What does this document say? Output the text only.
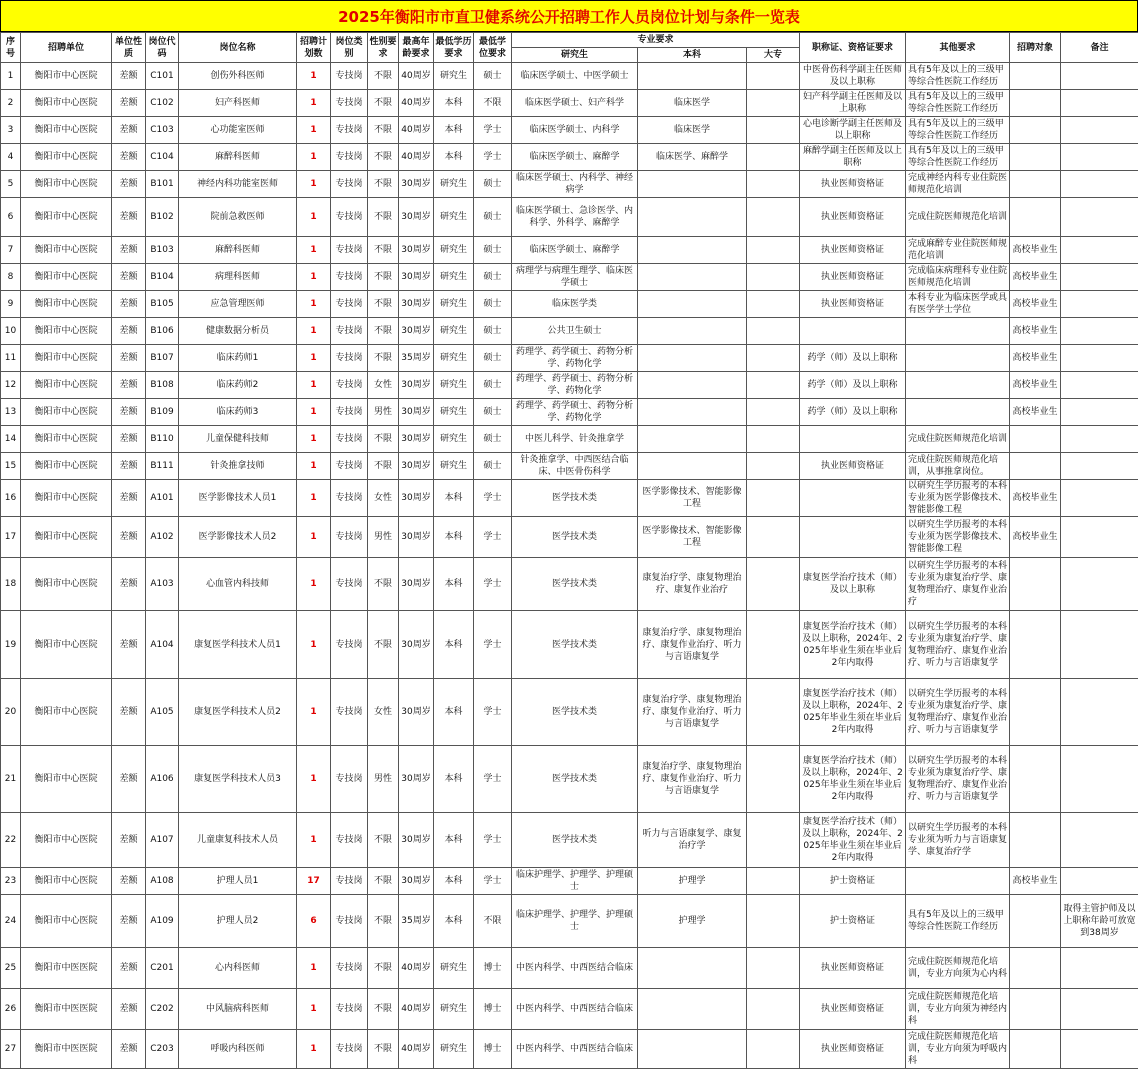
2025年衡阳市市直卫健系统公开招聘工作人员岗位计划与条件一览表
序号	招聘单位	单位性质	岗位代码	岗位名称	招聘计划数	岗位类别	性别要求	最高年龄要求	最低学历要求	最低学位要求	专业要求			职称证、资格证要求	其他要求	招聘对象	备注
											研究生	本科	大专				
1	衡阳市中心医院	差额	C101	创伤外科医师	1	专技岗	不限	40周岁	研究生	硕士	临床医学硕士、中医学硕士			中医骨伤科学副主任医师及以上职称	具有5年及以上的三级甲等综合性医院工作经历		
2	衡阳市中心医院	差额	C102	妇产科医师	1	专技岗	不限	40周岁	本科	不限	临床医学硕士、妇产科学	临床医学		妇产科学副主任医师及以上职称	具有5年及以上的三级甲等综合性医院工作经历		
3	衡阳市中心医院	差额	C103	心功能室医师	1	专技岗	不限	40周岁	本科	学士	临床医学硕士、内科学	临床医学		心电诊断学副主任医师及以上职称	具有5年及以上的三级甲等综合性医院工作经历		
4	衡阳市中心医院	差额	C104	麻醉科医师	1	专技岗	不限	40周岁	本科	学士	临床医学硕士、麻醉学	临床医学、麻醉学		麻醉学副主任医师及以上职称	具有5年及以上的三级甲等综合性医院工作经历		
5	衡阳市中心医院	差额	B101	神经内科功能室医师	1	专技岗	不限	30周岁	研究生	硕士	临床医学硕士、内科学、神经病学			执业医师资格证	完成神经内科专业住院医师规范化培训		
6	衡阳市中心医院	差额	B102	院前急救医师	1	专技岗	不限	30周岁	研究生	硕士	临床医学硕士、急诊医学、内科学、外科学、麻醉学			执业医师资格证	完成住院医师规范化培训		
7	衡阳市中心医院	差额	B103	麻醉科医师	1	专技岗	不限	30周岁	研究生	硕士	临床医学硕士、麻醉学			执业医师资格证	完成麻醉专业住院医师规范化培训	高校毕业生	
8	衡阳市中心医院	差额	B104	病理科医师	1	专技岗	不限	30周岁	研究生	硕士	病理学与病理生理学、临床医学硕士			执业医师资格证	完成临床病理科专业住院医师规范化培训	高校毕业生	
9	衡阳市中心医院	差额	B105	应急管理医师	1	专技岗	不限	30周岁	研究生	硕士	临床医学类			执业医师资格证	本科专业为临床医学或具有医学学士学位	高校毕业生	
10	衡阳市中心医院	差额	B106	健康数据分析员	1	专技岗	不限	30周岁	研究生	硕士	公共卫生硕士					高校毕业生	
11	衡阳市中心医院	差额	B107	临床药师1	1	专技岗	不限	35周岁	研究生	硕士	药理学、药学硕士、药物分析学、药物化学			药学（师）及以上职称		高校毕业生	
12	衡阳市中心医院	差额	B108	临床药师2	1	专技岗	女性	30周岁	研究生	硕士	药理学、药学硕士、药物分析学、药物化学			药学（师）及以上职称		高校毕业生	
13	衡阳市中心医院	差额	B109	临床药师3	1	专技岗	男性	30周岁	研究生	硕士	药理学、药学硕士、药物分析学、药物化学			药学（师）及以上职称		高校毕业生	
14	衡阳市中心医院	差额	B110	儿童保健科技师	1	专技岗	不限	30周岁	研究生	硕士	中医儿科学、针灸推拿学				完成住院医师规范化培训		
15	衡阳市中心医院	差额	B111	针灸推拿技师	1	专技岗	不限	30周岁	研究生	硕士	针灸推拿学、中西医结合临床、中医骨伤科学			执业医师资格证	完成住院医师规范化培训，从事推拿岗位。		
16	衡阳市中心医院	差额	A101	医学影像技术人员1	1	专技岗	女性	30周岁	本科	学士	医学技术类	医学影像技术、智能影像工程			以研究生学历报考的本科专业须为医学影像技术、智能影像工程	高校毕业生	
17	衡阳市中心医院	差额	A102	医学影像技术人员2	1	专技岗	男性	30周岁	本科	学士	医学技术类	医学影像技术、智能影像工程			以研究生学历报考的本科专业须为医学影像技术、智能影像工程	高校毕业生	
18	衡阳市中心医院	差额	A103	心血管内科技师	1	专技岗	不限	30周岁	本科	学士	医学技术类	康复治疗学、康复物理治疗、康复作业治疗		康复医学治疗技术（师）及以上职称	以研究生学历报考的本科专业须为康复治疗学、康复物理治疗、康复作业治疗		
19	衡阳市中心医院	差额	A104	康复医学科技术人员1	1	专技岗	不限	30周岁	本科	学士	医学技术类	康复治疗学、康复物理治疗、康复作业治疗、听力与言语康复学		康复医学治疗技术（师）及以上职称，2024年、2025年毕业生须在毕业后2年内取得	以研究生学历报考的本科专业须为康复治疗学、康复物理治疗、康复作业治疗、听力与言语康复学		
20	衡阳市中心医院	差额	A105	康复医学科技术人员2	1	专技岗	女性	30周岁	本科	学士	医学技术类	康复治疗学、康复物理治疗、康复作业治疗、听力与言语康复学		康复医学治疗技术（师）及以上职称，2024年、2025年毕业生须在毕业后2年内取得	以研究生学历报考的本科专业须为康复治疗学、康复物理治疗、康复作业治疗、听力与言语康复学		
21	衡阳市中心医院	差额	A106	康复医学科技术人员3	1	专技岗	男性	30周岁	本科	学士	医学技术类	康复治疗学、康复物理治疗、康复作业治疗、听力与言语康复学		康复医学治疗技术（师）及以上职称，2024年、2025年毕业生须在毕业后2年内取得	以研究生学历报考的本科专业须为康复治疗学、康复物理治疗、康复作业治疗、听力与言语康复学		
22	衡阳市中心医院	差额	A107	儿童康复科技术人员	1	专技岗	不限	30周岁	本科	学士	医学技术类	听力与言语康复学、康复治疗学		康复医学治疗技术（师）及以上职称，2024年、2025年毕业生须在毕业后2年内取得	以研究生学历报考的本科专业须为听力与言语康复学、康复治疗学		
23	衡阳市中心医院	差额	A108	护理人员1	17	专技岗	不限	30周岁	本科	学士	临床护理学、护理学、护理硕士	护理学		护士资格证		高校毕业生	
24	衡阳市中心医院	差额	A109	护理人员2	6	专技岗	不限	35周岁	本科	不限	临床护理学、护理学、护理硕士	护理学		护士资格证	具有5年及以上的三级甲等综合性医院工作经历		取得主管护师及以上职称年龄可放宽到38周岁
25	衡阳市中医医院	差额	C201	心内科医师	1	专技岗	不限	40周岁	研究生	博士	中医内科学、中西医结合临床			执业医师资格证	完成住院医师规范化培训，专业方向须为心内科		
26	衡阳市中医医院	差额	C202	中风脑病科医师	1	专技岗	不限	40周岁	研究生	博士	中医内科学、中西医结合临床			执业医师资格证	完成住院医师规范化培训，专业方向须为神经内科		
27	衡阳市中医医院	差额	C203	呼吸内科医师	1	专技岗	不限	40周岁	研究生	博士	中医内科学、中西医结合临床			执业医师资格证	完成住院医师规范化培训，专业方向须为呼吸内科		
